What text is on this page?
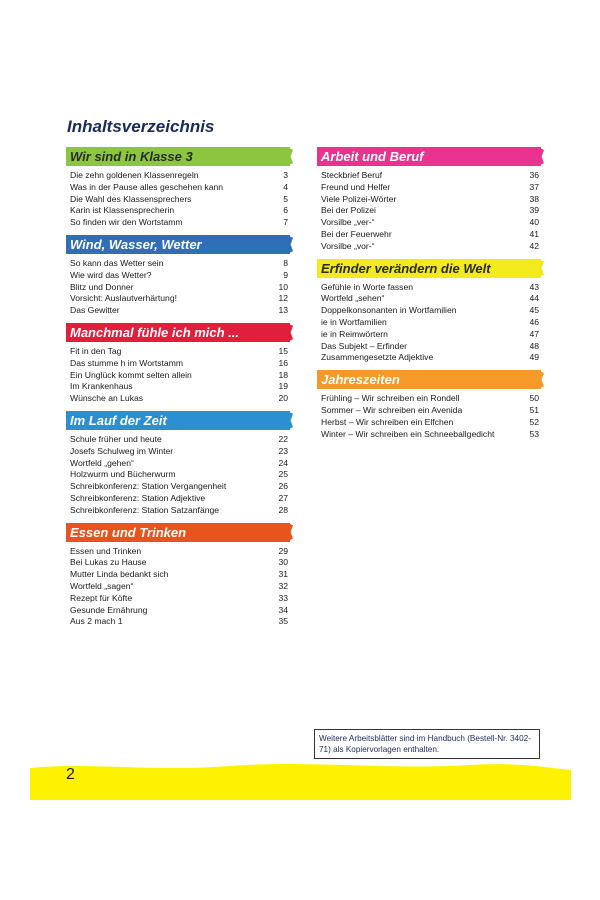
Inhaltsverzeichnis
Wir sind in Klasse 3
Die zehn goldenen Klassenregeln	3
Was in der Pause alles geschehen kann	4
Die Wahl des Klassensprechers	5
Karin ist Klassensprecherin	6
So finden wir den Wortstamm	7
Wind, Wasser, Wetter
So kann das Wetter sein	8
Wie wird das Wetter?	9
Blitz und Donner	10
Vorsicht: Auslautverhärtung!	12
Das Gewitter	13
Manchmal fühle ich mich ...
Fit in den Tag	15
Das stumme h im Wortstamm	16
Ein Unglück kommt selten allein	18
Im Krankenhaus	19
Wünsche an Lukas	20
Im Lauf der Zeit
Schule früher und heute	22
Josefs Schulweg im Winter	23
Wortfeld „gehen“	24
Holzwurm und Bücherwurm	25
Schreibkonferenz: Station Vergangenheit	26
Schreibkonferenz: Station Adjektive	27
Schreibkonferenz: Station Satzanfänge	28
Essen und Trinken
Essen und Trinken	29
Bei Lukas zu Hause	30
Mutter Linda bedankt sich	31
Wortfeld „sagen“	32
Rezept für Köfte	33
Gesunde Ernährung	34
Aus 2 mach 1	35
Arbeit und Beruf
Steckbrief Beruf	36
Freund und Helfer	37
Viele Polizei-Wörter	38
Bei der Polizei	39
Vorsilbe „ver-“	40
Bei der Feuerwehr	41
Vorsilbe „vor-“	42
Erfinder verändern die Welt
Gefühle in Worte fassen	43
Wortfeld „sehen“	44
Doppelkonsonanten in Wortfamilien	45
ie in Wortfamilien	46
ie in Reimwörtern	47
Das Subjekt – Erfinder	48
Zusammengesetzte Adjektive	49
Jahreszeiten
Frühling – Wir schreiben ein Rondell	50
Sommer – Wir schreiben ein Avenida	51
Herbst – Wir schreiben ein Elfchen	52
Winter – Wir schreiben ein Schneeballgedicht	53
Weitere Arbeitsblätter sind im Handbuch (Bestell-Nr. 3402-71) als Kopiervorlagen enthalten.
2
